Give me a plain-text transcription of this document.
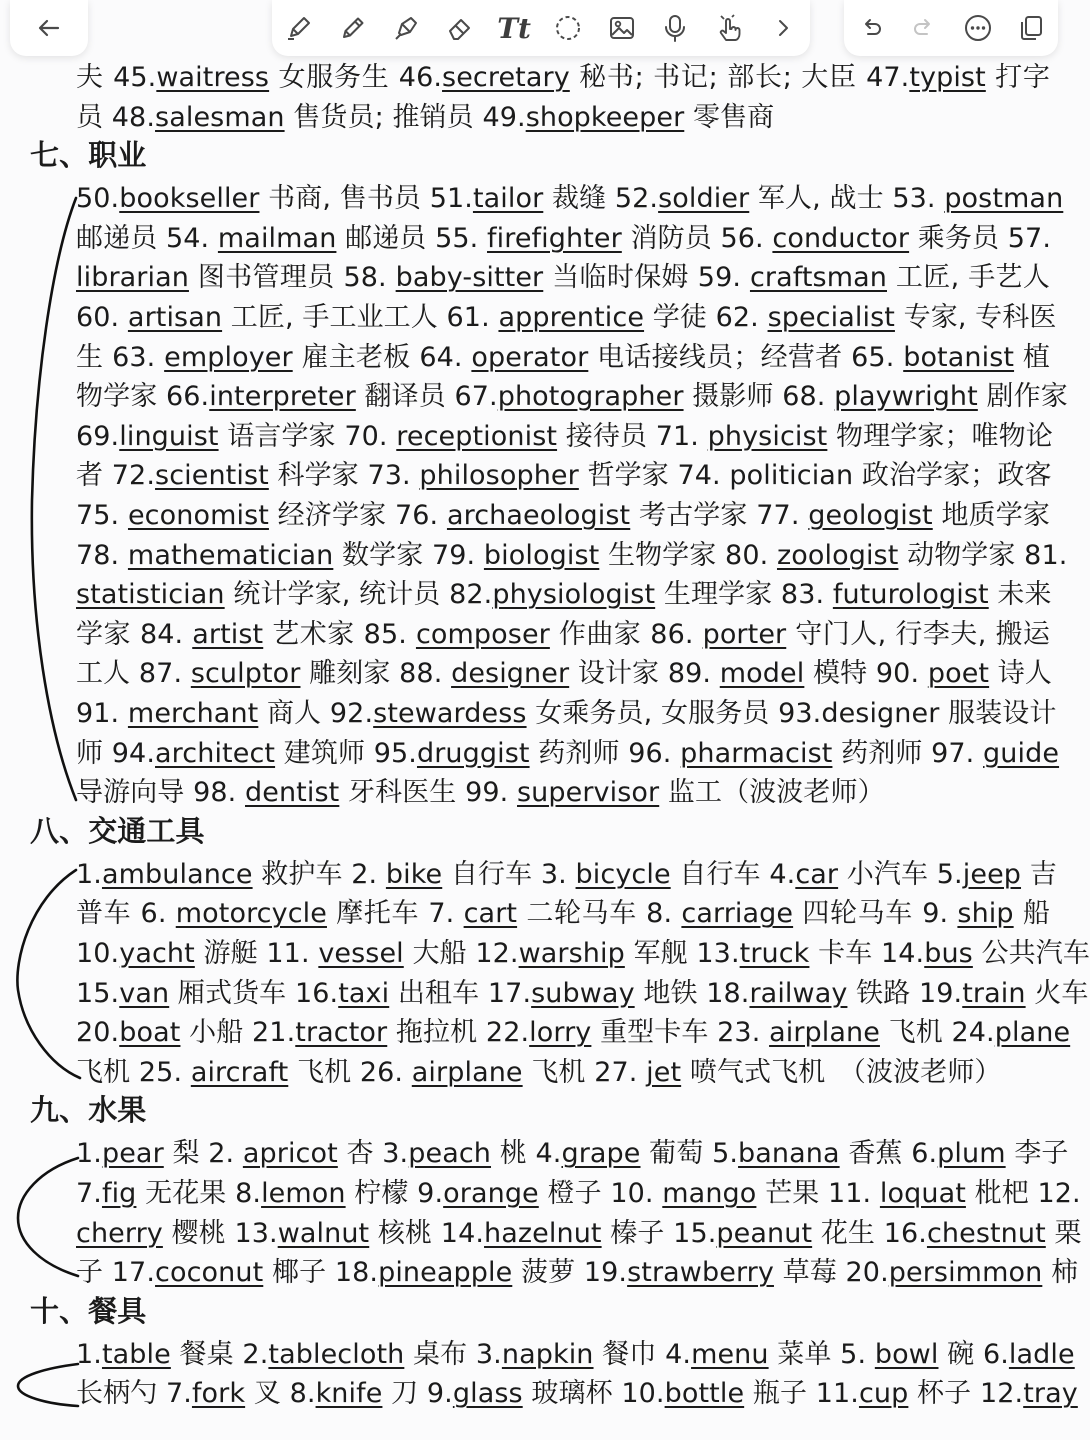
Tt
夫 45.waitress 女服务生 46.secretary 秘书; 书记; 部长; 大臣 47.typist 打字
员 48.salesman 售货员; 推销员 49.shopkeeper 零售商
七、职业
50.bookseller 书商, 售书员 51.tailor 裁缝 52.soldier 军人, 战士 53. postman
邮递员 54. mailman 邮递员 55. firefighter 消防员 56. conductor 乘务员 57.
librarian 图书管理员 58. baby-sitter 当临时保姆 59. craftsman 工匠, 手艺人
60. artisan 工匠, 手工业工人 61. apprentice 学徒 62. specialist 专家, 专科医
生 63. employer 雇主老板 64. operator 电话接线员；经营者 65. botanist 植
物学家 66.interpreter 翻译员 67.photographer 摄影师 68. playwright 剧作家
69.linguist 语言学家 70. receptionist 接待员 71. physicist 物理学家；唯物论
者 72.scientist 科学家 73. philosopher 哲学家 74. politician 政治学家；政客
75. economist 经济学家 76. archaeologist 考古学家 77. geologist 地质学家
78. mathematician 数学家 79. biologist 生物学家 80. zoologist 动物学家 81.
statistician 统计学家, 统计员 82.physiologist 生理学家 83. futurologist 未来
学家 84. artist 艺术家 85. composer 作曲家 86. porter 守门人, 行李夫, 搬运
工人 87. sculptor 雕刻家 88. designer 设计家 89. model 模特 90. poet 诗人
91. merchant 商人 92.stewardess 女乘务员, 女服务员 93.designer 服装设计
师 94.architect 建筑师 95.druggist 药剂师 96. pharmacist 药剂师 97. guide
导游向导 98. dentist 牙科医生 99. supervisor 监工（波波老师）
八、交通工具
1.ambulance 救护车 2. bike 自行车 3. bicycle 自行车 4.car 小汽车 5.jeep 吉
普车 6. motorcycle 摩托车 7. cart 二轮马车 8. carriage 四轮马车 9. ship 船
10.yacht 游艇 11. vessel 大船 12.warship 军舰 13.truck 卡车 14.bus 公共汽车
15.van 厢式货车 16.taxi 出租车 17.subway 地铁 18.railway 铁路 19.train 火车
20.boat 小船 21.tractor 拖拉机 22.lorry 重型卡车 23. airplane 飞机 24.plane
飞机 25. aircraft 飞机 26. airplane 飞机 27. jet 喷气式飞机　（波波老师）
九、水果
1.pear 梨 2. apricot 杏 3.peach 桃 4.grape 葡萄 5.banana 香蕉 6.plum 李子
7.fig 无花果 8.lemon 柠檬 9.orange 橙子 10. mango 芒果 11. loquat 枇杷 12.
cherry 樱桃 13.walnut 核桃 14.hazelnut 榛子 15.peanut 花生 16.chestnut 栗
子 17.coconut 椰子 18.pineapple 菠萝 19.strawberry 草莓 20.persimmon 柿
十、餐具
1.table 餐桌 2.tablecloth 桌布 3.napkin 餐巾 4.menu 菜单 5. bowl 碗 6.ladle
长柄勺 7.fork 叉 8.knife 刀 9.glass 玻璃杯 10.bottle 瓶子 11.cup 杯子 12.tray
